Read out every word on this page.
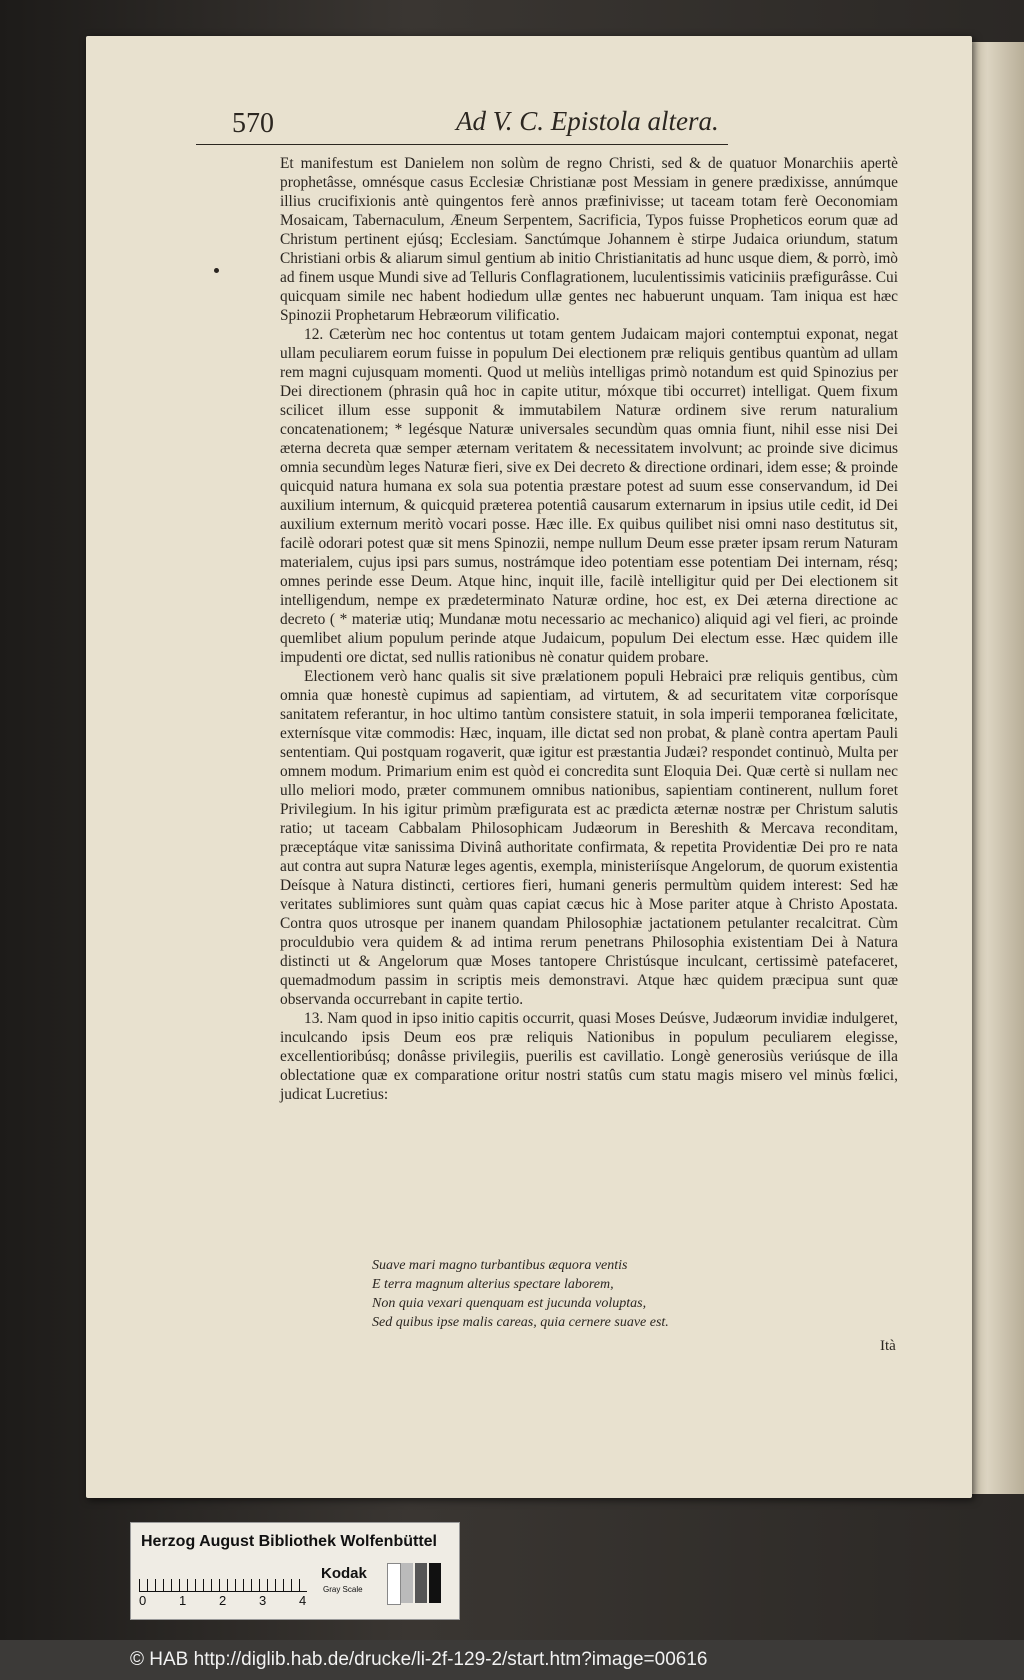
570	Ad V. C. Epistola altera.

Et manifestum est Danielem non solùm de regno Christi, sed & de quatuor Monarchiis apertè prophetâsse, omnésque casus Ecclesiæ Christianæ post Messiam in genere prædixisse, annúmque illius crucifixionis antè quingentos ferè annos præfinivisse; ut taceam totam ferè Oeconomiam Mosaicam, Tabernaculum, Æneum Serpentem, Sacrificia, Typos fuisse Propheticos eorum quæ ad Christum pertinent ejúsq; Ecclesiam. Sanctúmque Johannem è stirpe Judaica oriundum, statum Christiani orbis & aliarum simul gentium ab initio Christianitatis ad hunc usque diem, & porrò, imò ad finem usque Mundi sive ad Telluris Conflagrationem, luculentissimis vaticiniis præfigurâsse. Cui quicquam simile nec habent hodiedum ullæ gentes nec habuerunt unquam. Tam iniqua est hæc Spinozii Prophetarum Hebræorum vilificatio.

12. Cæterùm nec hoc contentus ut totam gentem Judaicam majori contemptui exponat, negat ullam peculiarem eorum fuisse in populum Dei electionem præ reliquis gentibus quantùm ad ullam rem magni cujusquam momenti. Quod ut meliùs intelligas primò notandum est quid Spinozius per Dei directionem (phrasin quâ hoc in capite utitur, móxque tibi occurret) intelligat. Quem fixum scilicet illum esse supponit & immutabilem Naturæ ordinem sive rerum naturalium concatenationem; * legésque Naturæ universales secundùm quas omnia fiunt, nihil esse nisi Dei æterna decreta quæ semper æternam veritatem & necessitatem involvunt; ac proinde sive dicimus omnia secundùm leges Naturæ fieri, sive ex Dei decreto & directione ordinari, idem esse; & proinde quicquid natura humana ex sola sua potentia præstare potest ad suum esse conservandum, id Dei auxilium internum, & quicquid præterea potentiâ causarum externarum in ipsius utile cedit, id Dei auxilium externum meritò vocari posse. Hæc ille. Ex quibus quilibet nisi omni naso destitutus sit, facilè odorari potest quæ sit mens Spinozii, nempe nullum Deum esse præter ipsam rerum Naturam materialem, cujus ipsi pars sumus, nostrámque ideo potentiam esse potentiam Dei internam, résq; omnes perinde esse Deum. Atque hinc, inquit ille, facilè intelligitur quid per Dei electionem sit intelligendum, nempe ex prædeterminato Naturæ ordine, hoc est, ex Dei æterna directione ac decreto ( * materiæ utiq; Mundanæ motu necessario ac mechanico) aliquid agi vel fieri, ac proinde quemlibet alium populum perinde atque Judaicum, populum Dei electum esse. Hæc quidem ille impudenti ore dictat, sed nullis rationibus nè conatur quidem probare.

Electionem verò hanc qualis sit sive prælationem populi Hebraici præ reliquis gentibus, cùm omnia quæ honestè cupimus ad sapientiam, ad virtutem, & ad securitatem vitæ corporísque sanitatem referantur, in hoc ultimo tantùm consistere statuit, in sola imperii temporanea fœlicitate, externísque vitæ commodis: Hæc, inquam, ille dictat sed non probat, & planè contra apertam Pauli sententiam. Qui postquam rogaverit, quæ igitur est præstantia Judæi? respondet continuò, Multa per omnem modum. Primarium enim est quòd ei concredita sunt Eloquia Dei. Quæ certè si nullam nec ullo meliori modo, præter communem omnibus nationibus, sapientiam continerent, nullum foret Privilegium. In his igitur primùm præfigurata est ac prædicta æternæ nostræ per Christum salutis ratio; ut taceam Cabbalam Philosophicam Judæorum in Bereshith & Mercava reconditam, præceptáque vitæ sanissima Divinâ authoritate confirmata, & repetita Providentiæ Dei pro re nata aut contra aut supra Naturæ leges agentis, exempla, ministeriísque Angelorum, de quorum existentia Deísque à Natura distincti, certiores fieri, humani generis permultùm quidem interest: Sed hæ veritates sublimiores sunt quàm quas capiat cæcus hic à Mose pariter atque à Christo Apostata. Contra quos utrosque per inanem quandam Philosophiæ jactationem petulanter recalcitrat. Cùm proculdubio vera quidem & ad intima rerum penetrans Philosophia existentiam Dei à Natura distincti ut & Angelorum quæ Moses tantopere Christúsque inculcant, certissimè patefaceret, quemadmodum passim in scriptis meis demonstravi. Atque hæc quidem præcipua sunt quæ observanda occurrebant in capite tertio.

13. Nam quod in ipso initio capitis occurrit, quasi Moses Deúsve, Judæorum invidiæ indulgeret, inculcando ipsis Deum eos præ reliquis Nationibus in populum peculiarem elegisse, excellentioribúsq; donâsse privilegiis, puerilis est cavillatio. Longè generosiùs veriúsque de illa oblectatione quæ ex comparatione oritur nostri statûs cum statu magis misero vel minùs fœlici, judicat Lucretius:

Suave mari magno turbantibus æquora ventis
E terra magnum alterius spectare laborem,
Non quia vexari quenquam est jucunda voluptas,
Sed quibus ipse malis careas, quia cernere suave est.
Ità
Herzog August Bibliothek Wolfenbüttel
0	1	2	3	4
Kodak
Gray Scale
© HAB http://diglib.hab.de/drucke/li-2f-129-2/start.htm?image=00616
